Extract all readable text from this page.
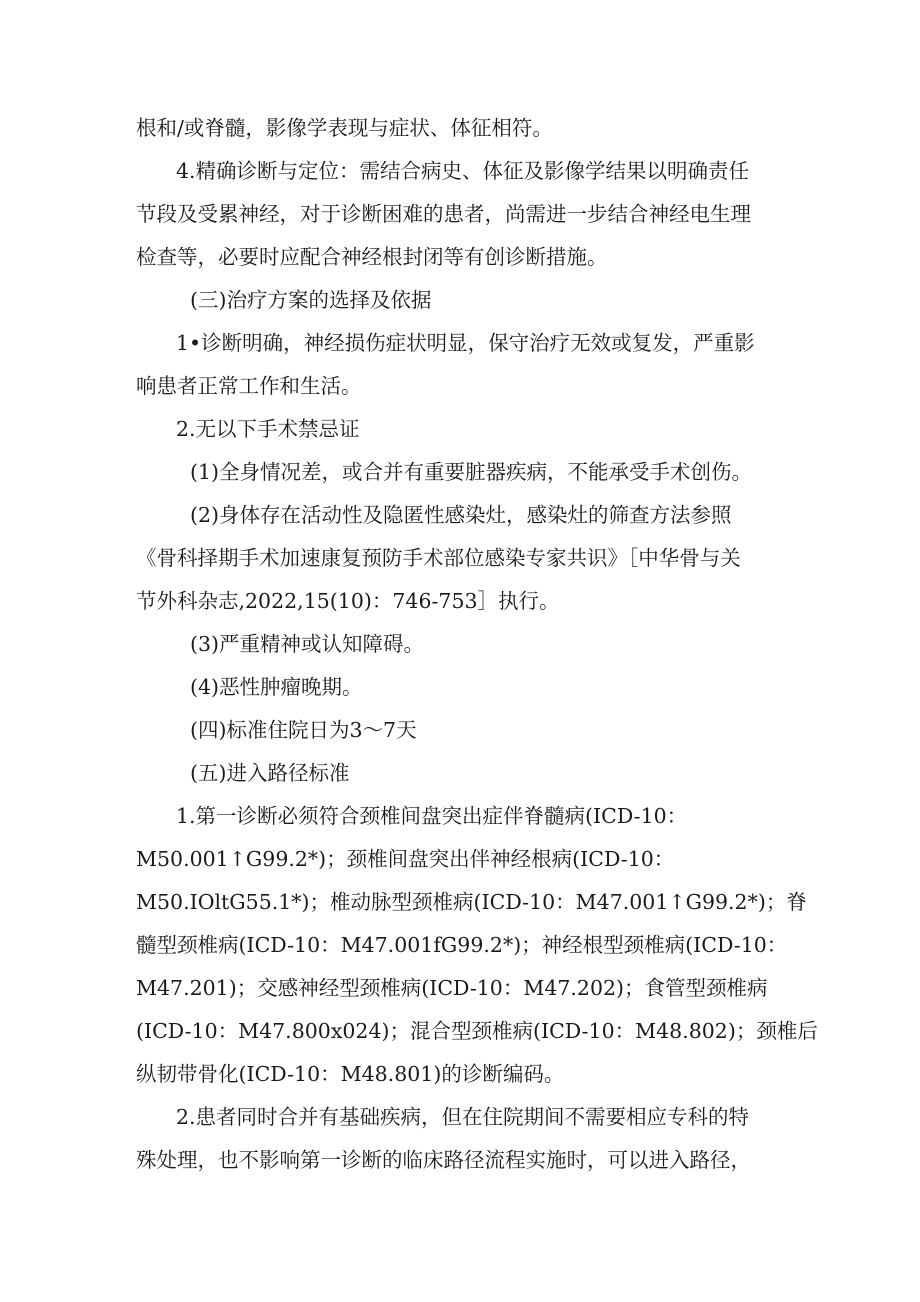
根和/或脊髓，影像学表现与症状、体征相符。
4.精确诊断与定位：需结合病史、体征及影像学结果以明确责任
节段及受累神经，对于诊断困难的患者，尚需进一步结合神经电生理
检查等，必要时应配合神经根封闭等有创诊断措施。
(三)治疗方案的选择及依据
1•诊断明确，神经损伤症状明显，保守治疗无效或复发，严重影
响患者正常工作和生活。
2.无以下手术禁忌证
(1)全身情况差，或合并有重要脏器疾病，不能承受手术创伤。
(2)身体存在活动性及隐匿性感染灶，感染灶的筛查方法参照
《骨科择期手术加速康复预防手术部位感染专家共识》［中华骨与关
节外科杂志,2022,15(10)：746-753］执行。
(3)严重精神或认知障碍。
(4)恶性肿瘤晚期。
(四)标准住院日为3～7天
(五)进入路径标准
1.第一诊断必须符合颈椎间盘突出症伴脊髓病(ICD-10：
M50.001↑G99.2*)；颈椎间盘突出伴神经根病(ICD-10：
M50.IOltG55.1*)；椎动脉型颈椎病(ICD-10：M47.001↑G99.2*)；脊
髓型颈椎病(ICD-10：M47.001fG99.2*)；神经根型颈椎病(ICD-10：
M47.201)；交感神经型颈椎病(ICD-10：M47.202)；食管型颈椎病
(ICD-10：M47.800x024)；混合型颈椎病(ICD-10：M48.802)；颈椎后
纵韧带骨化(ICD-10：M48.801)的诊断编码。
2.患者同时合并有基础疾病，但在住院期间不需要相应专科的特
殊处理，也不影响第一诊断的临床路径流程实施时，可以进入路径，
